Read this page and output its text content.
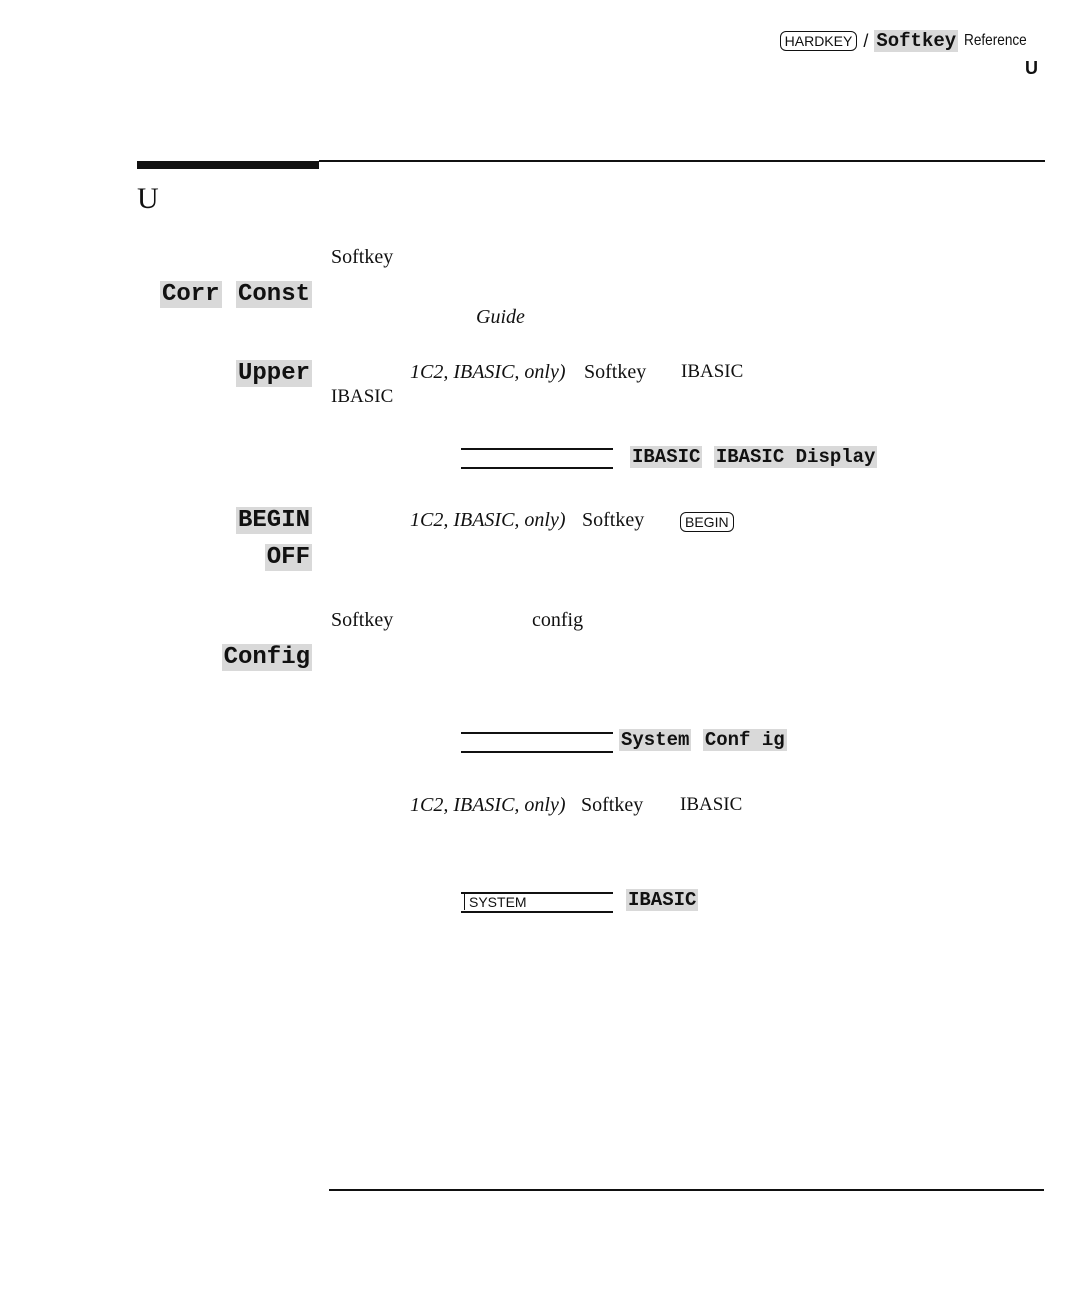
HARDKEY / Softkey Reference
U
U
Softkey
Corr Const
Guide
Upper	1C2, IBASIC, only) Softkey IBASIC
IBASIC
IBASIC IBASIC Display
BEGIN
OFF
1C2, IBASIC, only) Softkey	BEGIN
Softkey	config
Config
System Conf ig
1C2, IBASIC, only) Softkey IBASIC
SYSTEM	IBASIC
